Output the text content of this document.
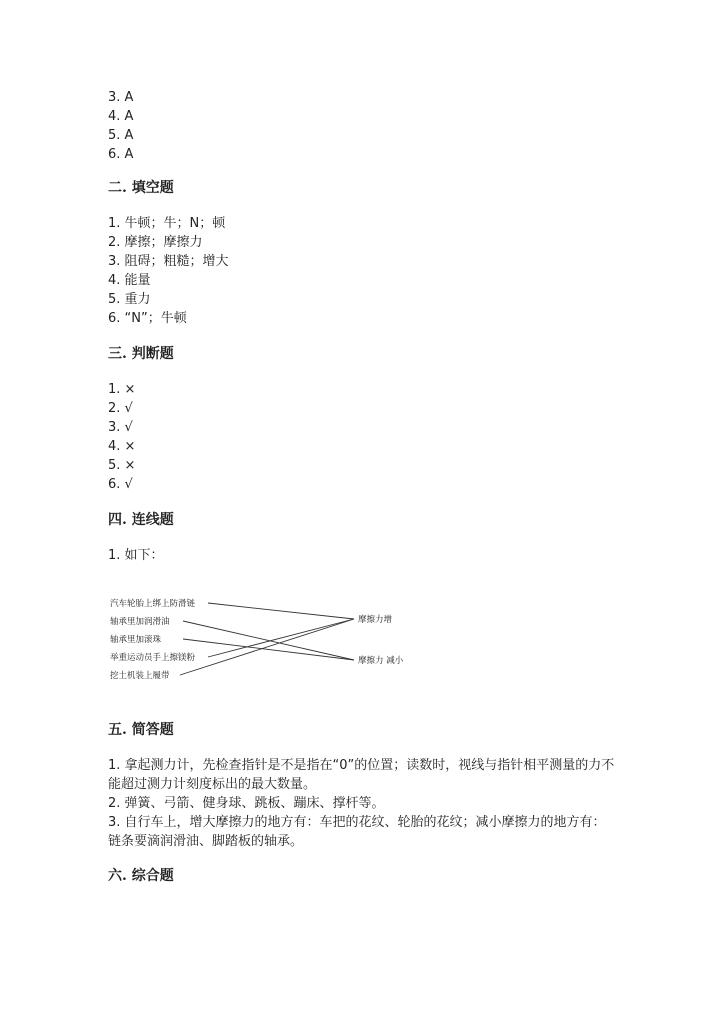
3. A
4. A
5. A
6. A
二. 填空题
1. 牛顿；牛；N；顿
2. 摩擦；摩擦力
3. 阻碍；粗糙；增大
4. 能量
5. 重力
6. “N”；牛顿
三. 判断题
1. ×
2. √
3. √
4. ×
5. ×
6. √
四. 连线题
1. 如下：
汽车轮胎上绑上防滑链
轴承里加润滑油
轴承里加滚珠
举重运动员手上擦镁粉
挖土机装上履带
摩擦力增
摩擦力 减小
五. 简答题
1. 拿起测力计，先检查指针是不是指在“0”的位置；读数时，视线与指针相平测量的力不能超过测力计刻度标出的最大数量。
2. 弹簧、弓箭、健身球、跳板、蹦床、撑杆等。
3. 自行车上，增大摩擦力的地方有：车把的花纹、轮胎的花纹；减小摩擦力的地方有：链条要滴润滑油、脚踏板的轴承。
六. 综合题
